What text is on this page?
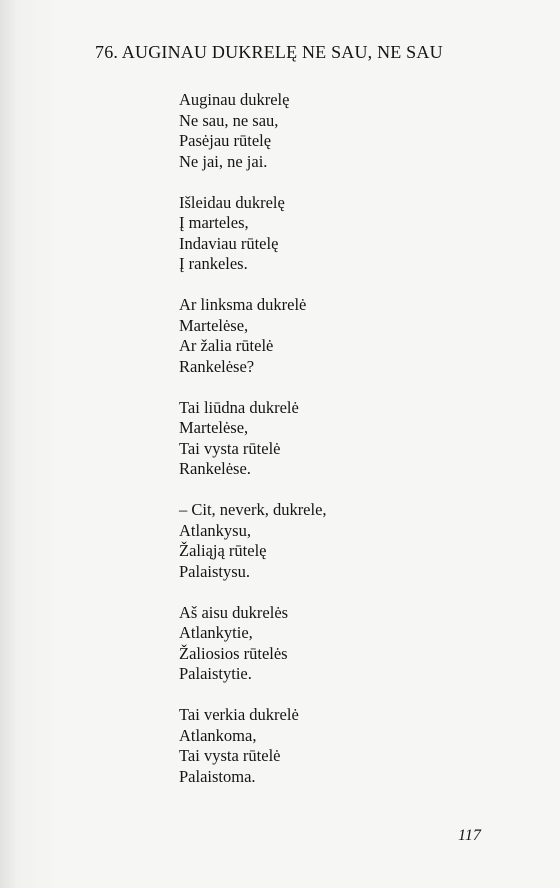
76. AUGINAU DUKRELĘ NE SAU, NE SAU
Auginau dukrelę
Ne sau, ne sau,
Pasėjau rūtelę
Ne jai, ne jai.
Išleidau dukrelę
Į marteles,
Indaviau rūtelę
Į rankeles.
Ar linksma dukrelė
Martelėse,
Ar žalia rūtelė
Rankelėse?
Tai liūdna dukrelė
Martelėse,
Tai vysta rūtelė
Rankelėse.
– Cit, neverk, dukrele,
Atlankysu,
Žaliąją rūtelę
Palaistysu.
Aš aisu dukrelės
Atlankytie,
Žaliosios rūtelės
Palaistytie.
Tai verkia dukrelė
Atlankoma,
Tai vysta rūtelė
Palaistoma.
117
